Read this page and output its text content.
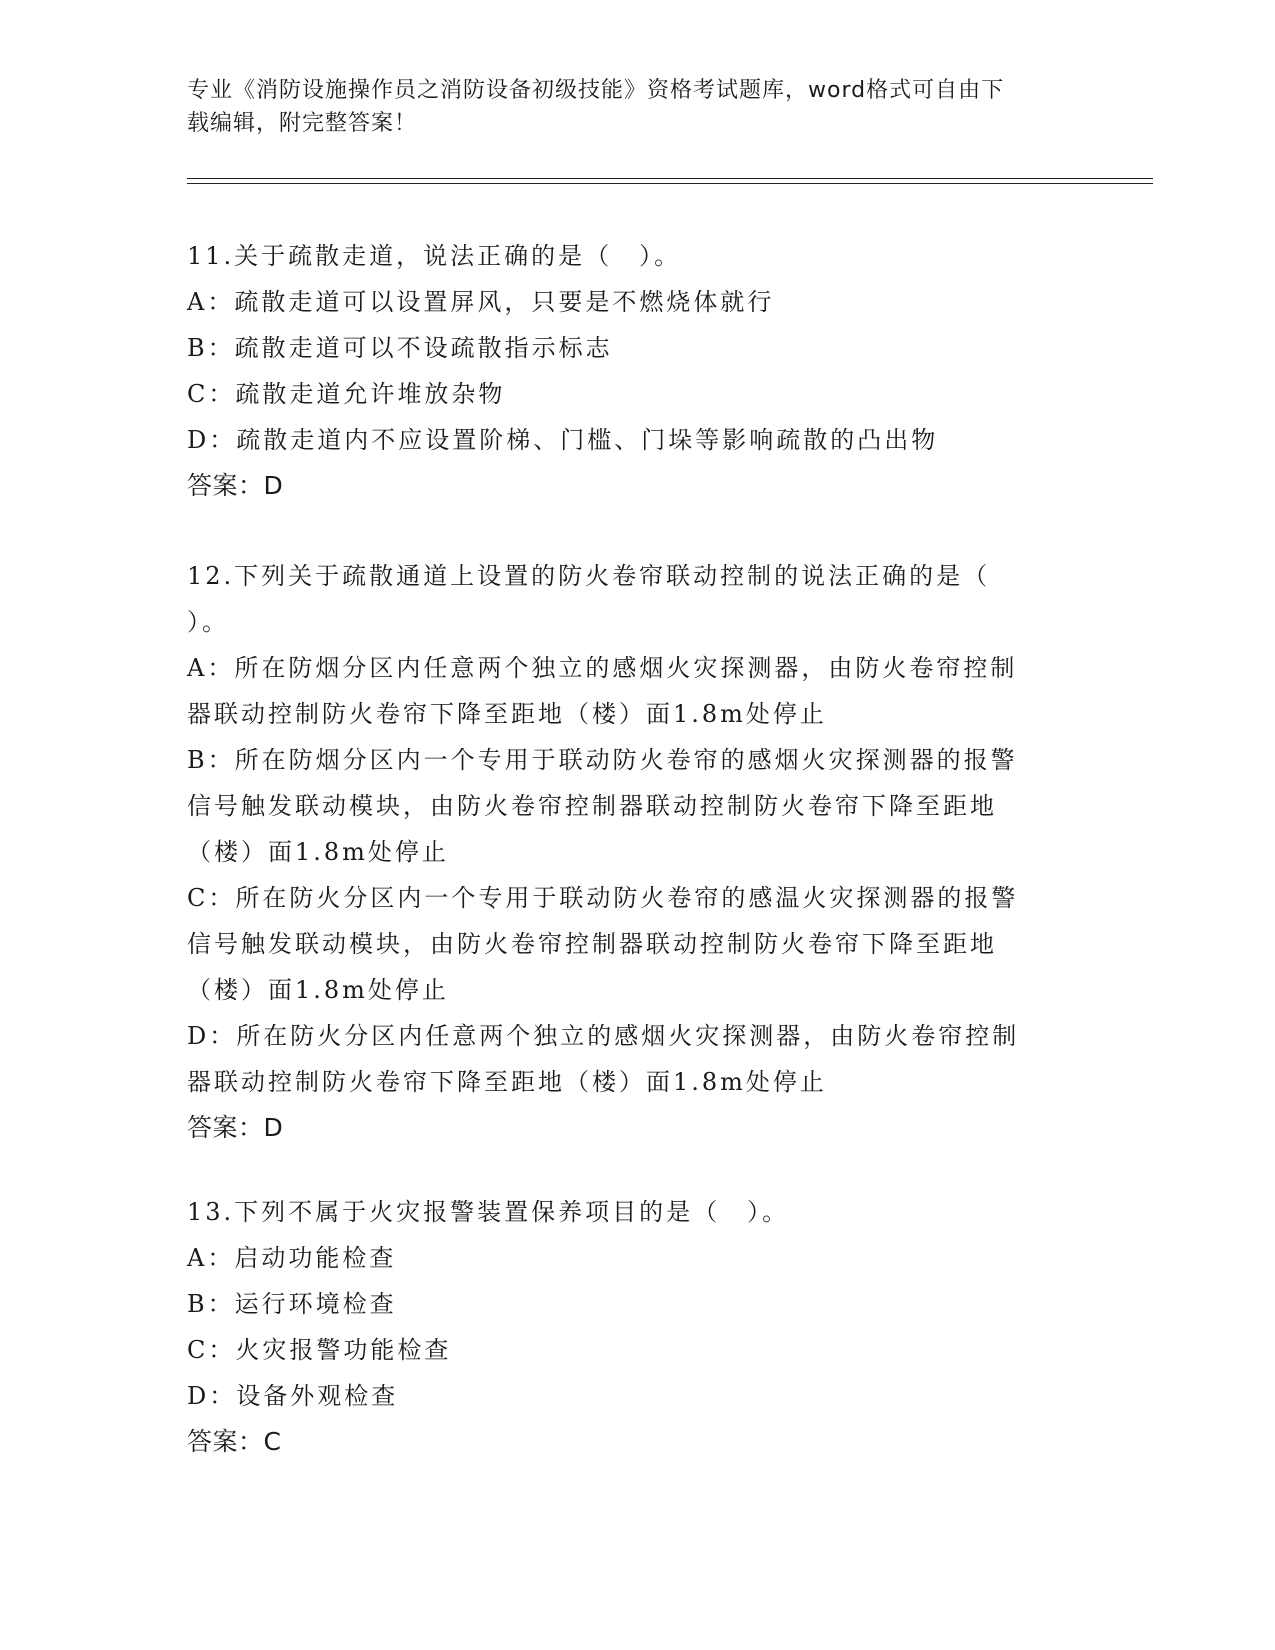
专业《消防设施操作员之消防设备初级技能》资格考试题库，word格式可自由下
载编辑，附完整答案！
11.关于疏散走道，说法正确的是（　）。
A：疏散走道可以设置屏风，只要是不燃烧体就行
B：疏散走道可以不设疏散指示标志
C：疏散走道允许堆放杂物
D：疏散走道内不应设置阶梯、门槛、门垛等影响疏散的凸出物
答案：D
12.下列关于疏散通道上设置的防火卷帘联动控制的说法正确的是（
）。
A：所在防烟分区内任意两个独立的感烟火灾探测器，由防火卷帘控制
器联动控制防火卷帘下降至距地（楼）面1.8m处停止
B：所在防烟分区内一个专用于联动防火卷帘的感烟火灾探测器的报警
信号触发联动模块，由防火卷帘控制器联动控制防火卷帘下降至距地
（楼）面1.8m处停止
C：所在防火分区内一个专用于联动防火卷帘的感温火灾探测器的报警
信号触发联动模块，由防火卷帘控制器联动控制防火卷帘下降至距地
（楼）面1.8m处停止
D：所在防火分区内任意两个独立的感烟火灾探测器，由防火卷帘控制
器联动控制防火卷帘下降至距地（楼）面1.8m处停止
答案：D
13.下列不属于火灾报警装置保养项目的是（　）。
A：启动功能检查
B：运行环境检查
C：火灾报警功能检查
D：设备外观检查
答案：C
